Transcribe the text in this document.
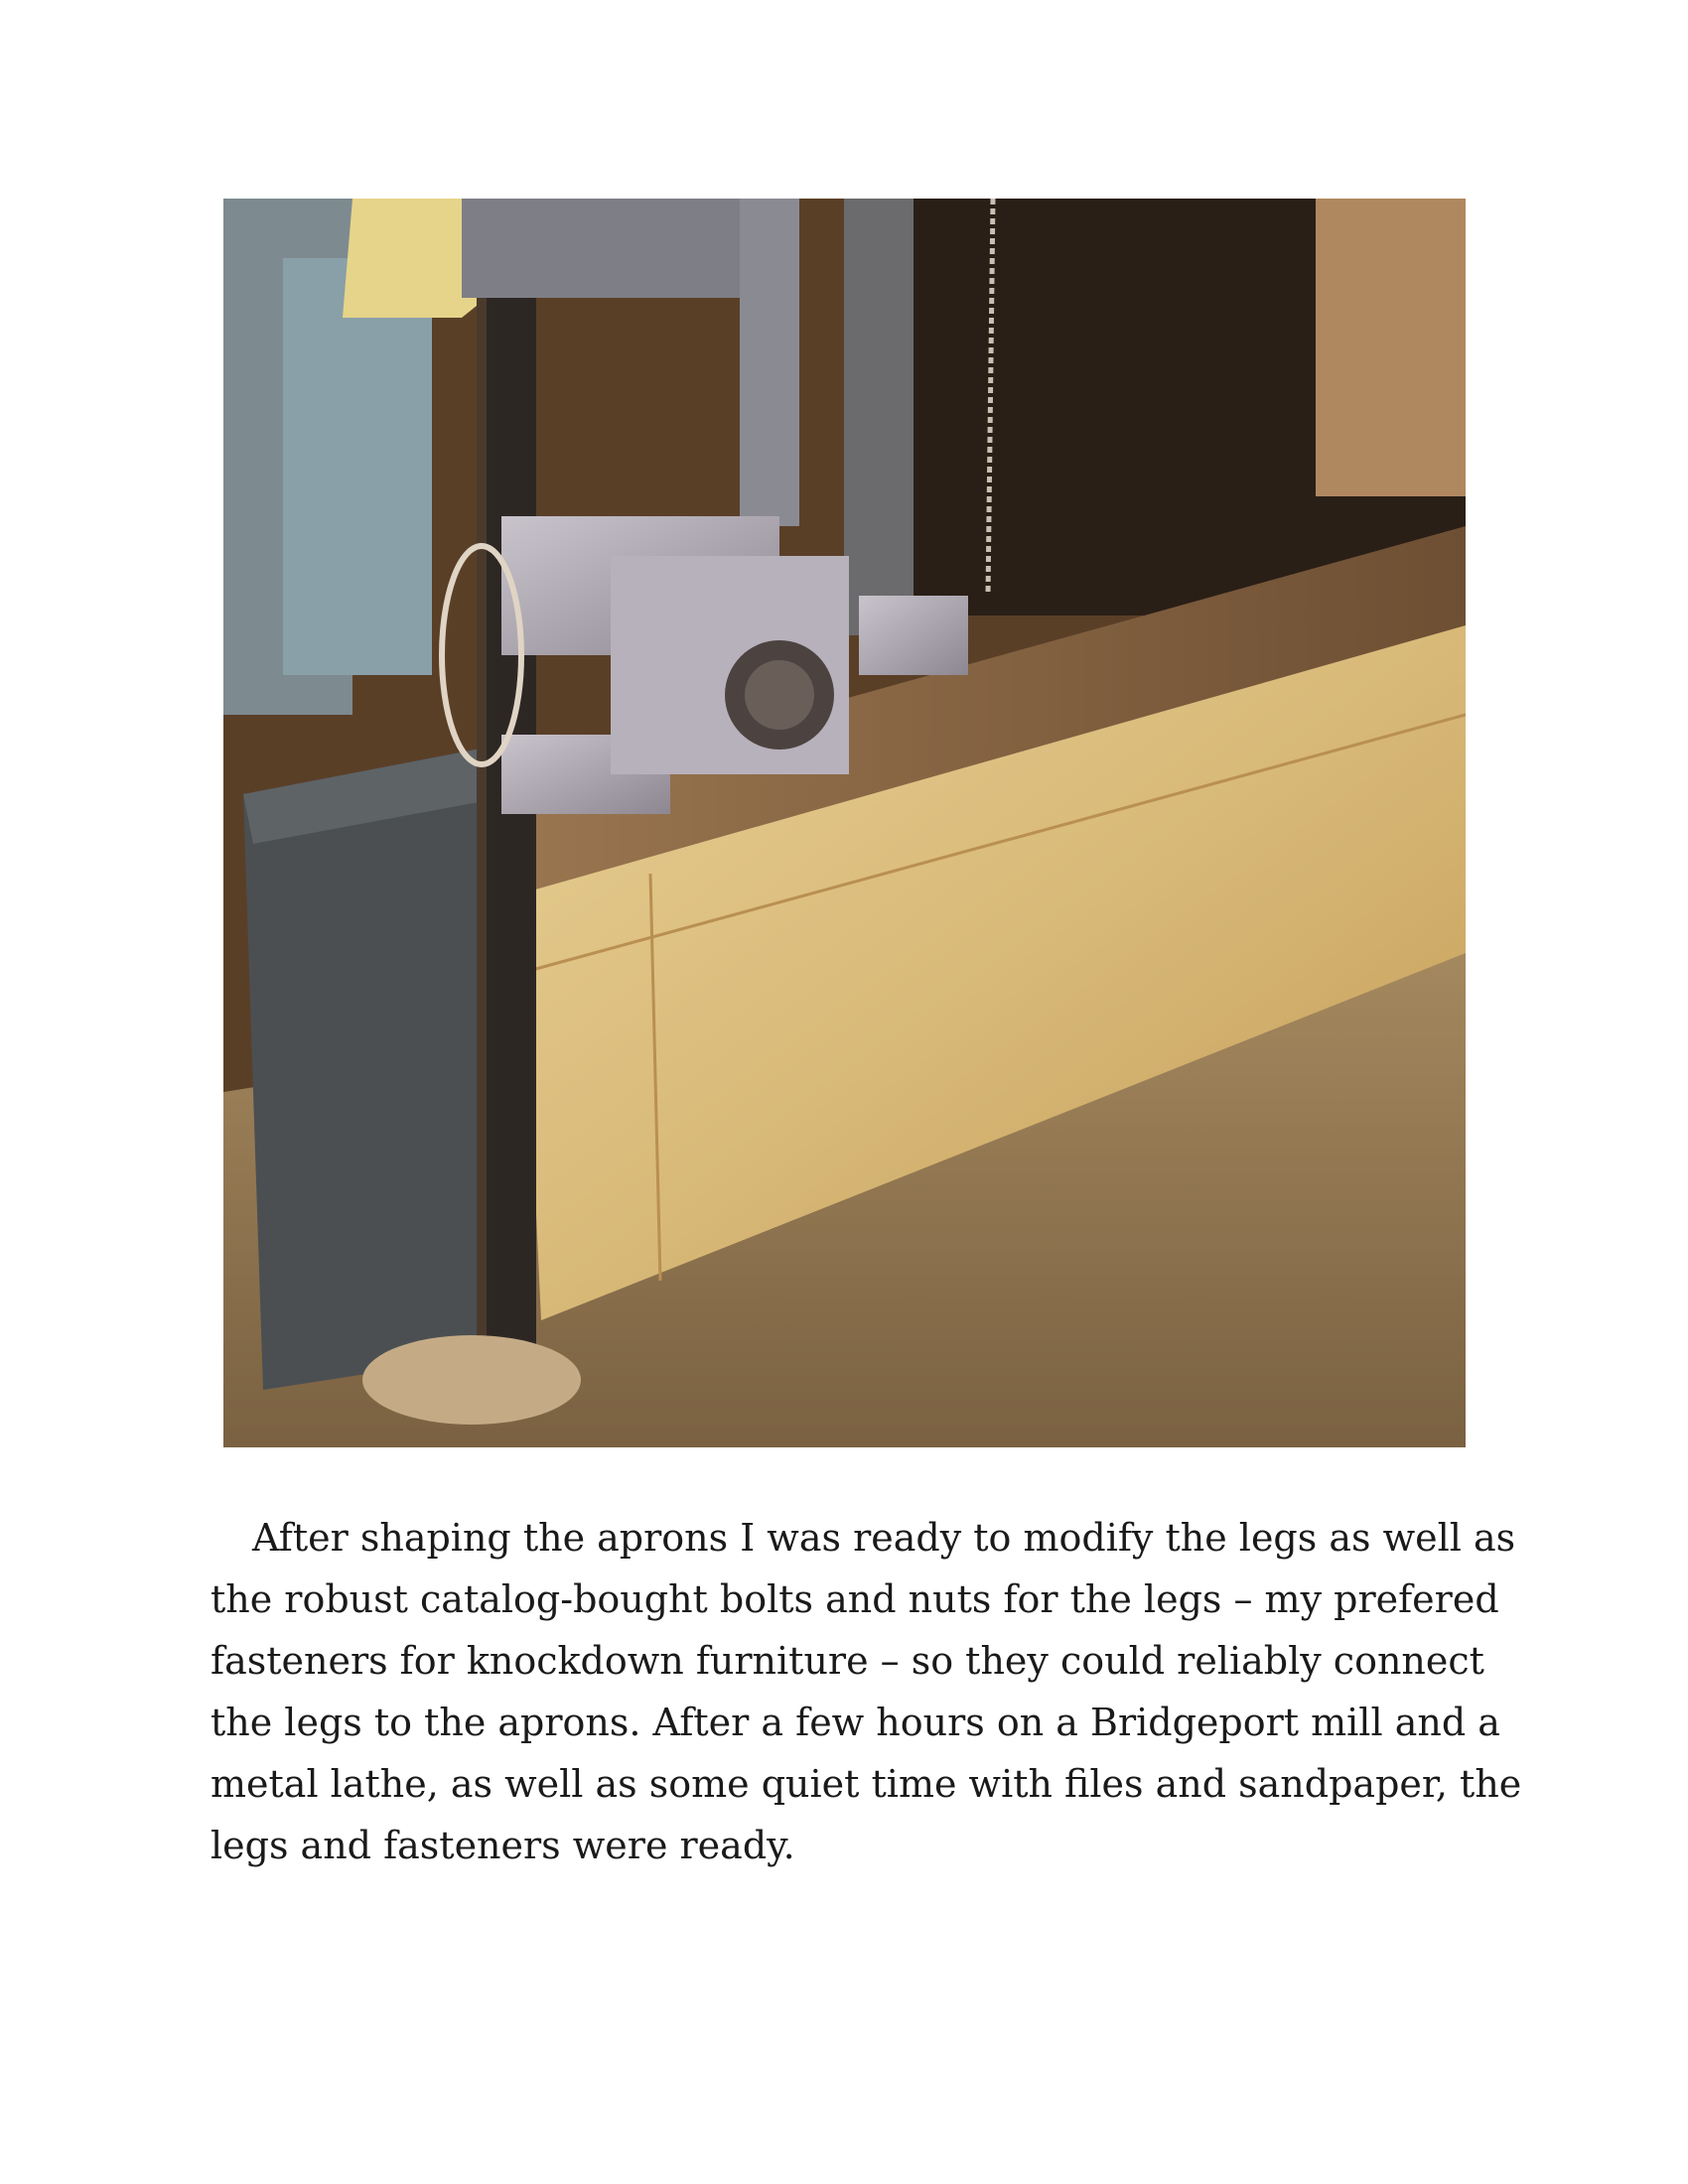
After shaping the aprons I was ready to modify the legs as well as
the robust catalog-bought bolts and nuts for the legs – my prefered
fasteners for knockdown furniture – so they could reliably connect
the legs to the aprons. After a few hours on a Bridgeport mill and a
metal lathe, as well as some quiet time with files and sandpaper, the
legs and fasteners were ready.
